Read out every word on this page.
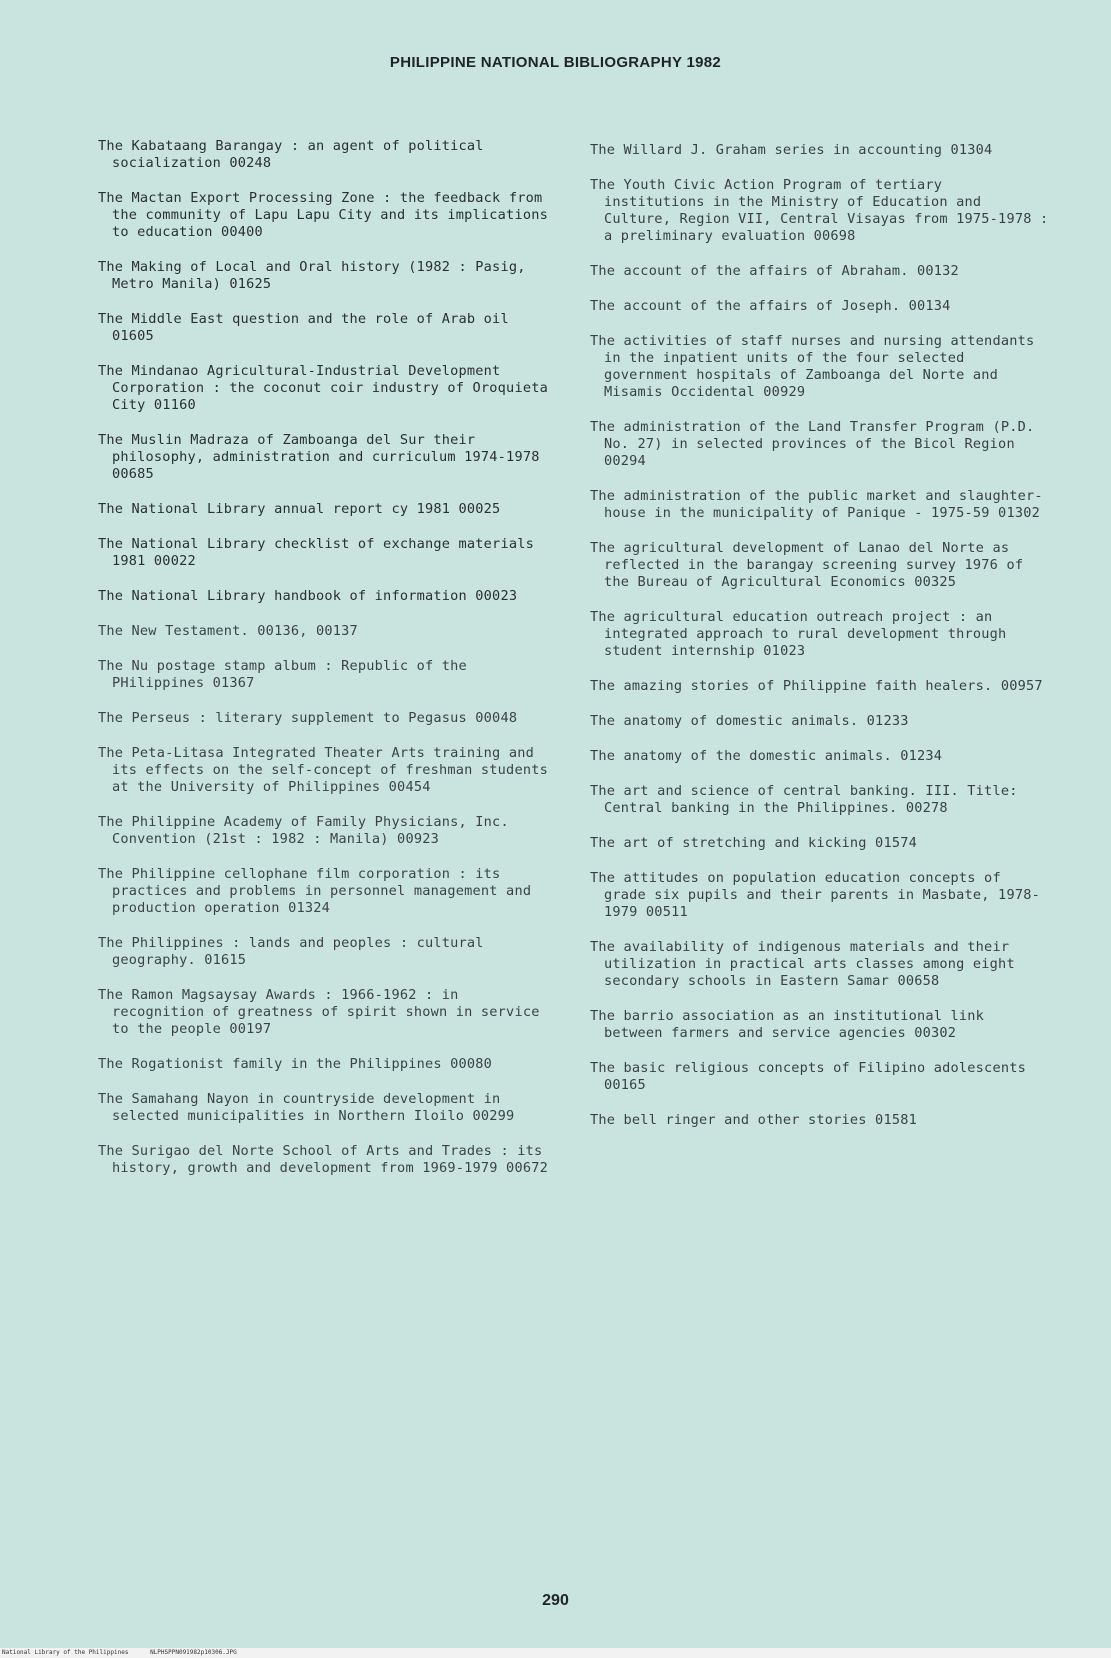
PHILIPPINE NATIONAL BIBLIOGRAPHY 1982
The Kabataang Barangay : an agent of political socialization 00248
The Mactan Export Processing Zone : the feedback from the community of Lapu Lapu City and its implications to education 00400
The Making of Local and Oral history (1982 : Pasig, Metro Manila) 01625
The Middle East question and the role of Arab oil 01605
The Mindanao Agricultural-Industrial Development Corporation : the coconut coir industry of Oroquieta City 01160
The Muslin Madraza of Zamboanga del Sur their philosophy, administration and curriculum 1974-1978 00685
The National Library annual report cy 1981 00025
The National Library checklist of exchange materials 1981 00022
The National Library handbook of information 00023
The New Testament. 00136, 00137
The Nu postage stamp album : Republic of the PHilippines 01367
The Perseus : literary supplement to Pegasus 00048
The Peta-Litasa Integrated Theater Arts training and its effects on the self-concept of freshman students at the University of Philippines 00454
The Philippine Academy of Family Physicians, Inc. Convention (21st : 1982 : Manila) 00923
The Philippine cellophane film corporation : its practices and problems in personnel management and production operation 01324
The Philippines : lands and peoples : cultural geography. 01615
The Ramon Magsaysay Awards : 1966-1962 : in recognition of greatness of spirit shown in service to the people 00197
The Rogationist family in the Philippines 00080
The Samahang Nayon in countryside development in selected municipalities in Northern Iloilo 00299
The Surigao del Norte School of Arts and Trades : its history, growth and development from 1969-1979 00672
The Willard J. Graham series in accounting 01304
The Youth Civic Action Program of tertiary institutions in the Ministry of Education and Culture, Region VII, Central Visayas from 1975-1978 : a preliminary evaluation 00698
The account of the affairs of Abraham. 00132
The account of the affairs of Joseph. 00134
The activities of staff nurses and nursing attendants in the inpatient units of the four selected government hospitals of Zamboanga del Norte and Misamis Occidental 00929
The administration of the Land Transfer Program (P.D. No. 27) in selected provinces of the Bicol Region 00294
The administration of the public market and slaughter-house in the municipality of Panique - 1975-59 01302
The agricultural development of Lanao del Norte as reflected in the barangay screening survey 1976 of the Bureau of Agricultural Economics 00325
The agricultural education outreach project : an integrated approach to rural development through student internship 01023
The amazing stories of Philippine faith healers. 00957
The anatomy of domestic animals. 01233
The anatomy of the domestic animals. 01234
The art and science of central banking. III. Title: Central banking in the Philippines. 00278
The art of stretching and kicking 01574
The attitudes on population education concepts of grade six pupils and their parents in Masbate, 1978-1979 00511
The availability of indigenous materials and their utilization in practical arts classes among eight secondary schools in Eastern Samar 00658
The barrio association as an institutional link between farmers and service agencies 00302
The basic religious concepts of Filipino adolescents 00165
The bell ringer and other stories 01581
290
National Library of the Philippines	NLPHSPPN091982p10306.JPG
